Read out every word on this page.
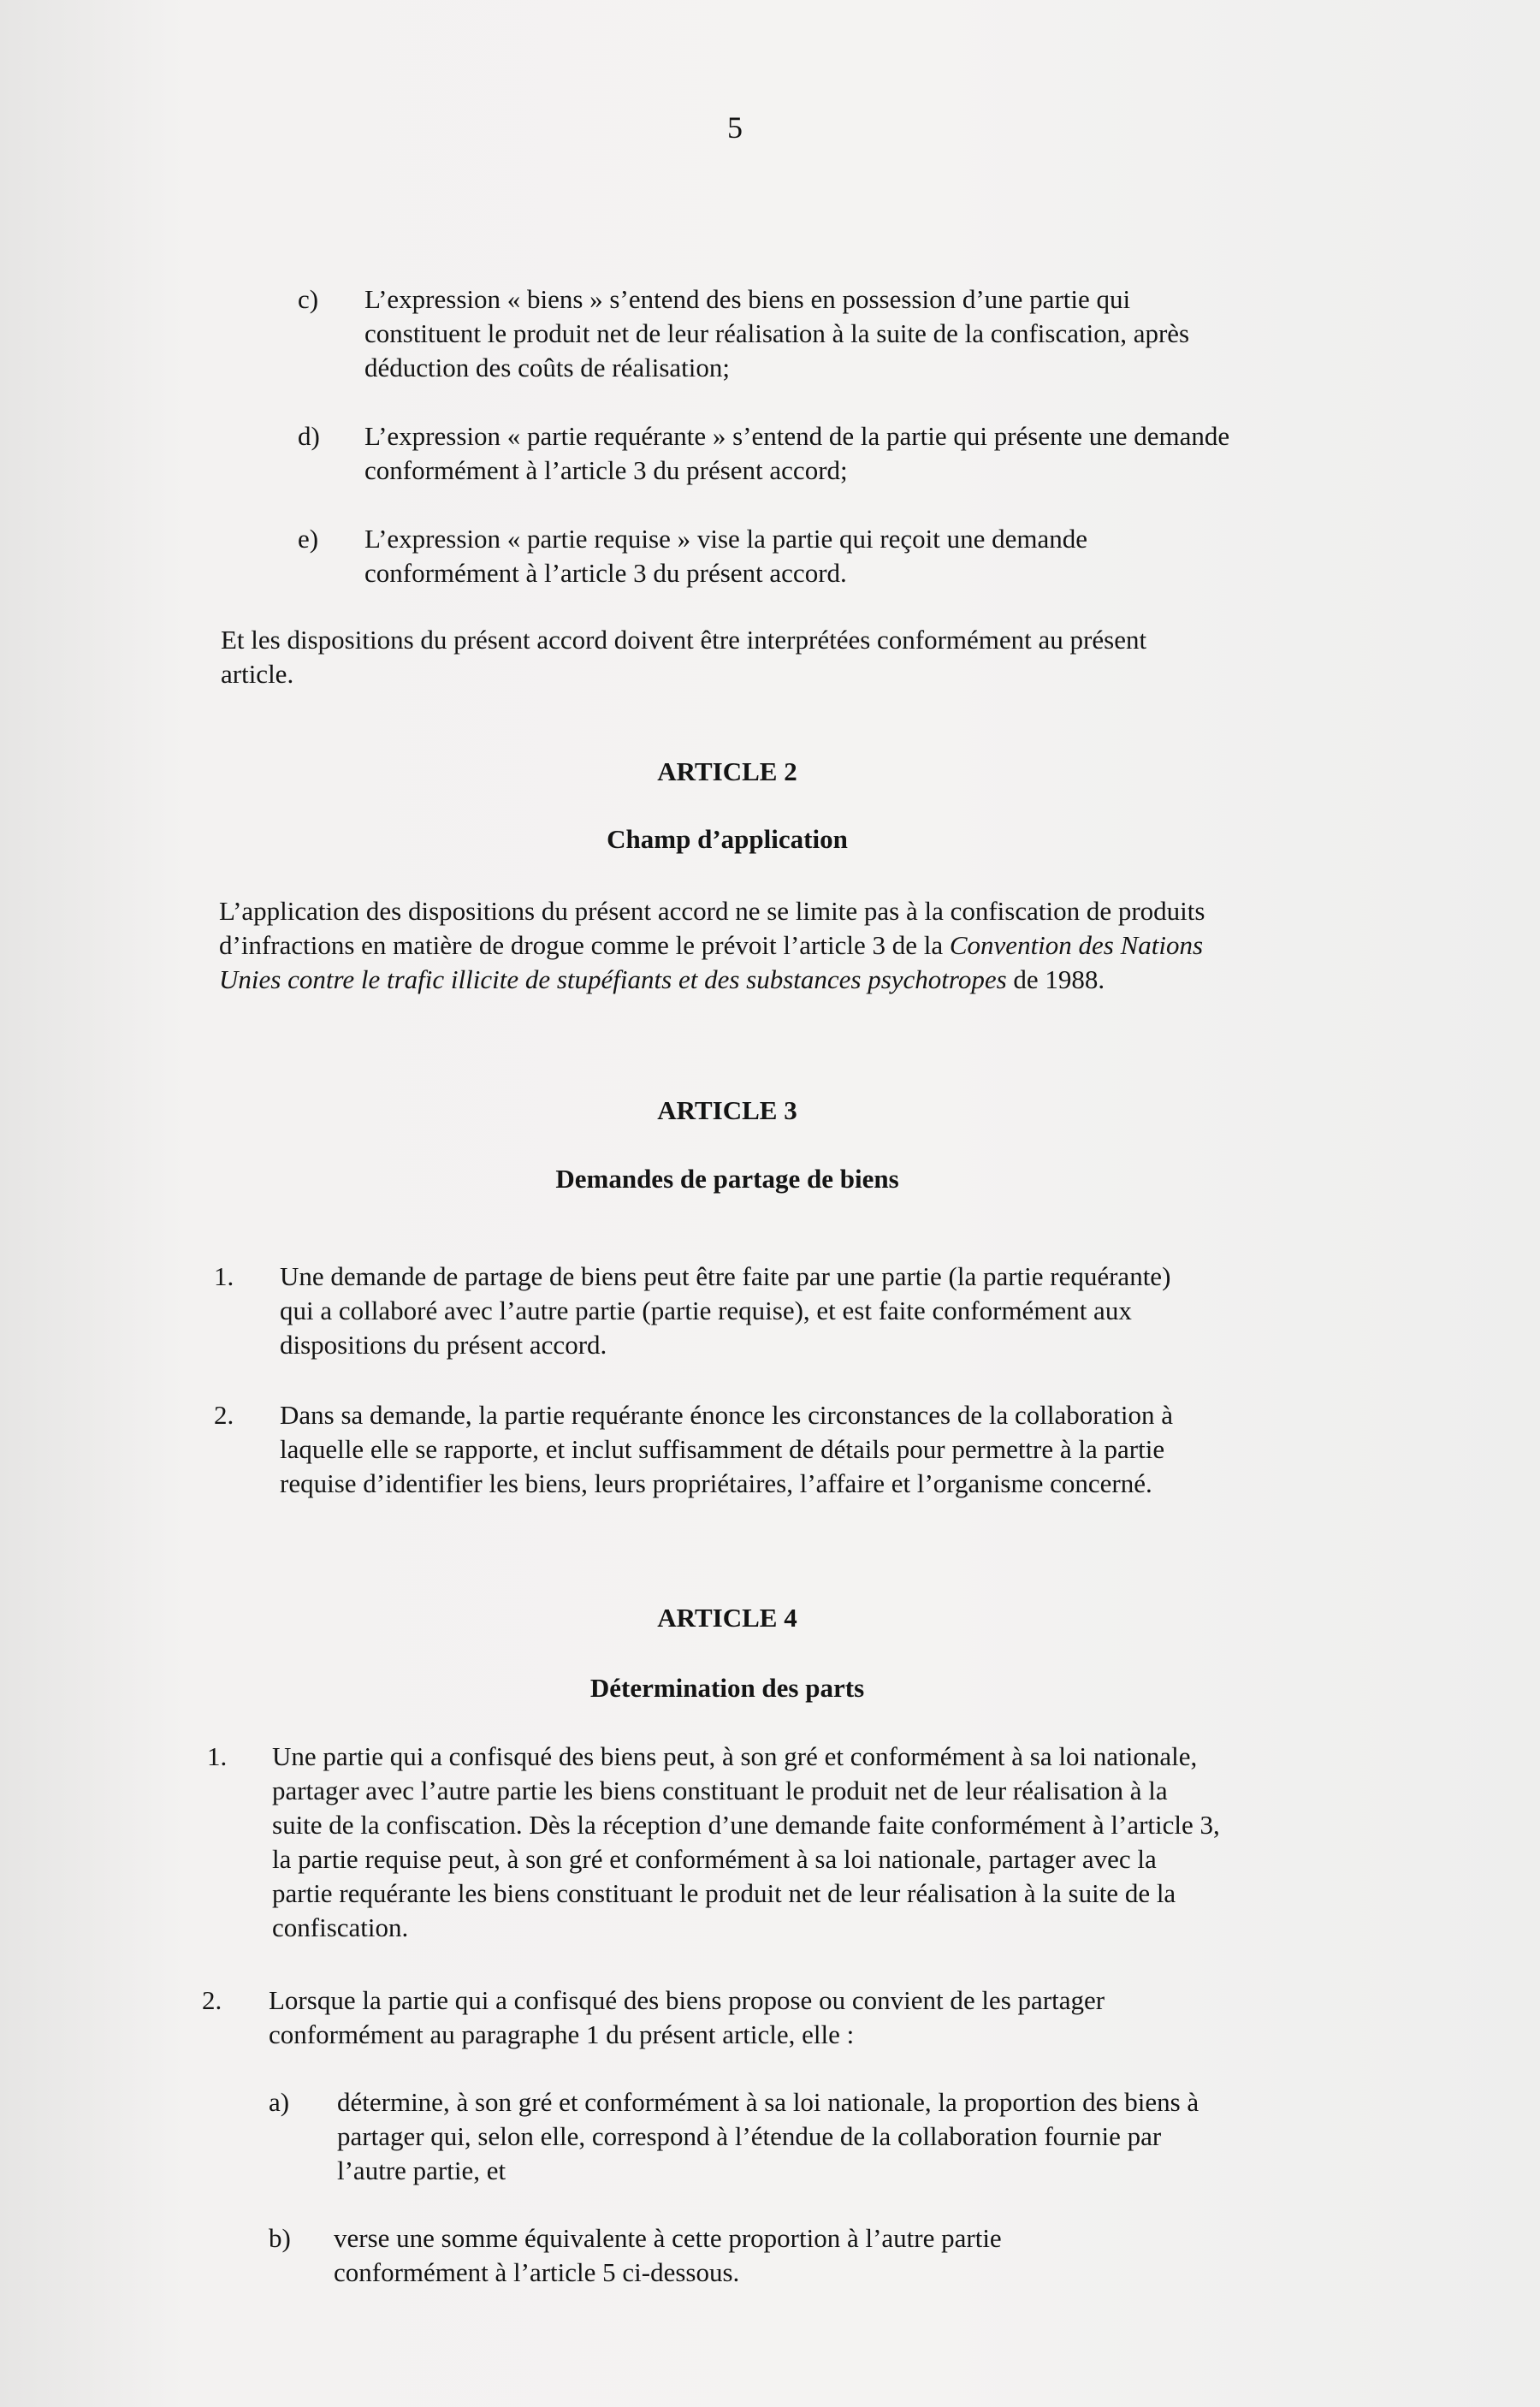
5
c) L’expression « biens » s’entend des biens en possession d’une partie qui constituent le produit net de leur réalisation à la suite de la confiscation, après déduction des coûts de réalisation;
d) L’expression « partie requérante » s’entend de la partie qui présente une demande conformément à l’article 3 du présent accord;
e) L’expression « partie requise » vise la partie qui reçoit une demande conformément à l’article 3 du présent accord.
Et les dispositions du présent accord doivent être interprétées conformément au présent article.
ARTICLE 2
Champ d’application
L’application des dispositions du présent accord ne se limite pas à la confiscation de produits d’infractions en matière de drogue comme le prévoit l’article 3 de la Convention des Nations Unies contre le trafic illicite de stupéfiants et des substances psychotropes de 1988.
ARTICLE 3
Demandes de partage de biens
1. Une demande de partage de biens peut être faite par une partie (la partie requérante) qui a collaboré avec l’autre partie (partie requise), et est faite conformément aux dispositions du présent accord.
2. Dans sa demande, la partie requérante énonce les circonstances de la collaboration à laquelle elle se rapporte, et inclut suffisamment de détails pour permettre à la partie requise d’identifier les biens, leurs propriétaires, l’affaire et l’organisme concerné.
ARTICLE 4
Détermination des parts
1. Une partie qui a confisqué des biens peut, à son gré et conformément à sa loi nationale, partager avec l’autre partie les biens constituant le produit net de leur réalisation à la suite de la confiscation. Dès la réception d’une demande faite conformément à l’article 3, la partie requise peut, à son gré et conformément à sa loi nationale, partager avec la partie requérante les biens constituant le produit net de leur réalisation à la suite de la confiscation.
2. Lorsque la partie qui a confisqué des biens propose ou convient de les partager conformément au paragraphe 1 du présent article, elle :
a) détermine, à son gré et conformément à sa loi nationale, la proportion des biens à partager qui, selon elle, correspond à l’étendue de la collaboration fournie par l’autre partie, et
b) verse une somme équivalente à cette proportion à l’autre partie conformément à l’article 5 ci-dessous.
